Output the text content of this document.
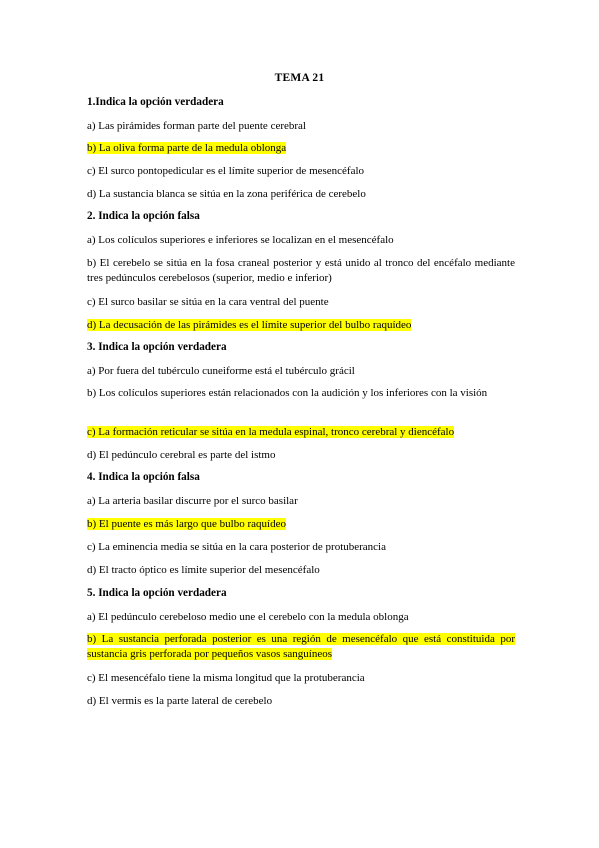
TEMA 21
1.Indica la opción verdadera
a) Las pirámides forman parte del puente cerebral
b) La oliva forma parte de la medula oblonga
c) El surco pontopedicular es el límite superior de mesencéfalo
d) La sustancia blanca se sitúa en la zona periférica de cerebelo
2. Indica la opción falsa
a) Los colículos superiores e inferiores se localizan en el mesencéfalo
b) El cerebelo se sitúa en la fosa craneal posterior y está unido al tronco del encéfalo mediante tres pedúnculos cerebelosos (superior, medio e inferior)
c) El surco basilar se sitúa en la cara ventral del puente
d) La decusación de las pirámides es el límite superior del bulbo raquídeo
3. Indica la opción verdadera
a) Por fuera del tubérculo cuneiforme está el tubérculo grácil
b) Los colículos superiores están relacionados con la audición y los inferiores con la visión
c) La formación reticular se sitúa en la medula espinal, tronco cerebral y diencéfalo
d) El pedúnculo cerebral es parte del istmo
4. Indica la opción falsa
a) La arteria basilar discurre por el surco basilar
b) El puente es más largo que bulbo raquídeo
c) La eminencia media se sitúa en la cara posterior de protuberancia
d) El tracto óptico es límite superior del mesencéfalo
5. Indica la opción verdadera
a) El pedúnculo cerebeloso medio une el cerebelo con la medula oblonga
b) La sustancia perforada posterior es una región de mesencéfalo que está constituida por sustancia gris perforada por pequeños vasos sanguíneos
c) El mesencéfalo tiene la misma longitud que la protuberancia
d) El vermis es la parte lateral de cerebelo
